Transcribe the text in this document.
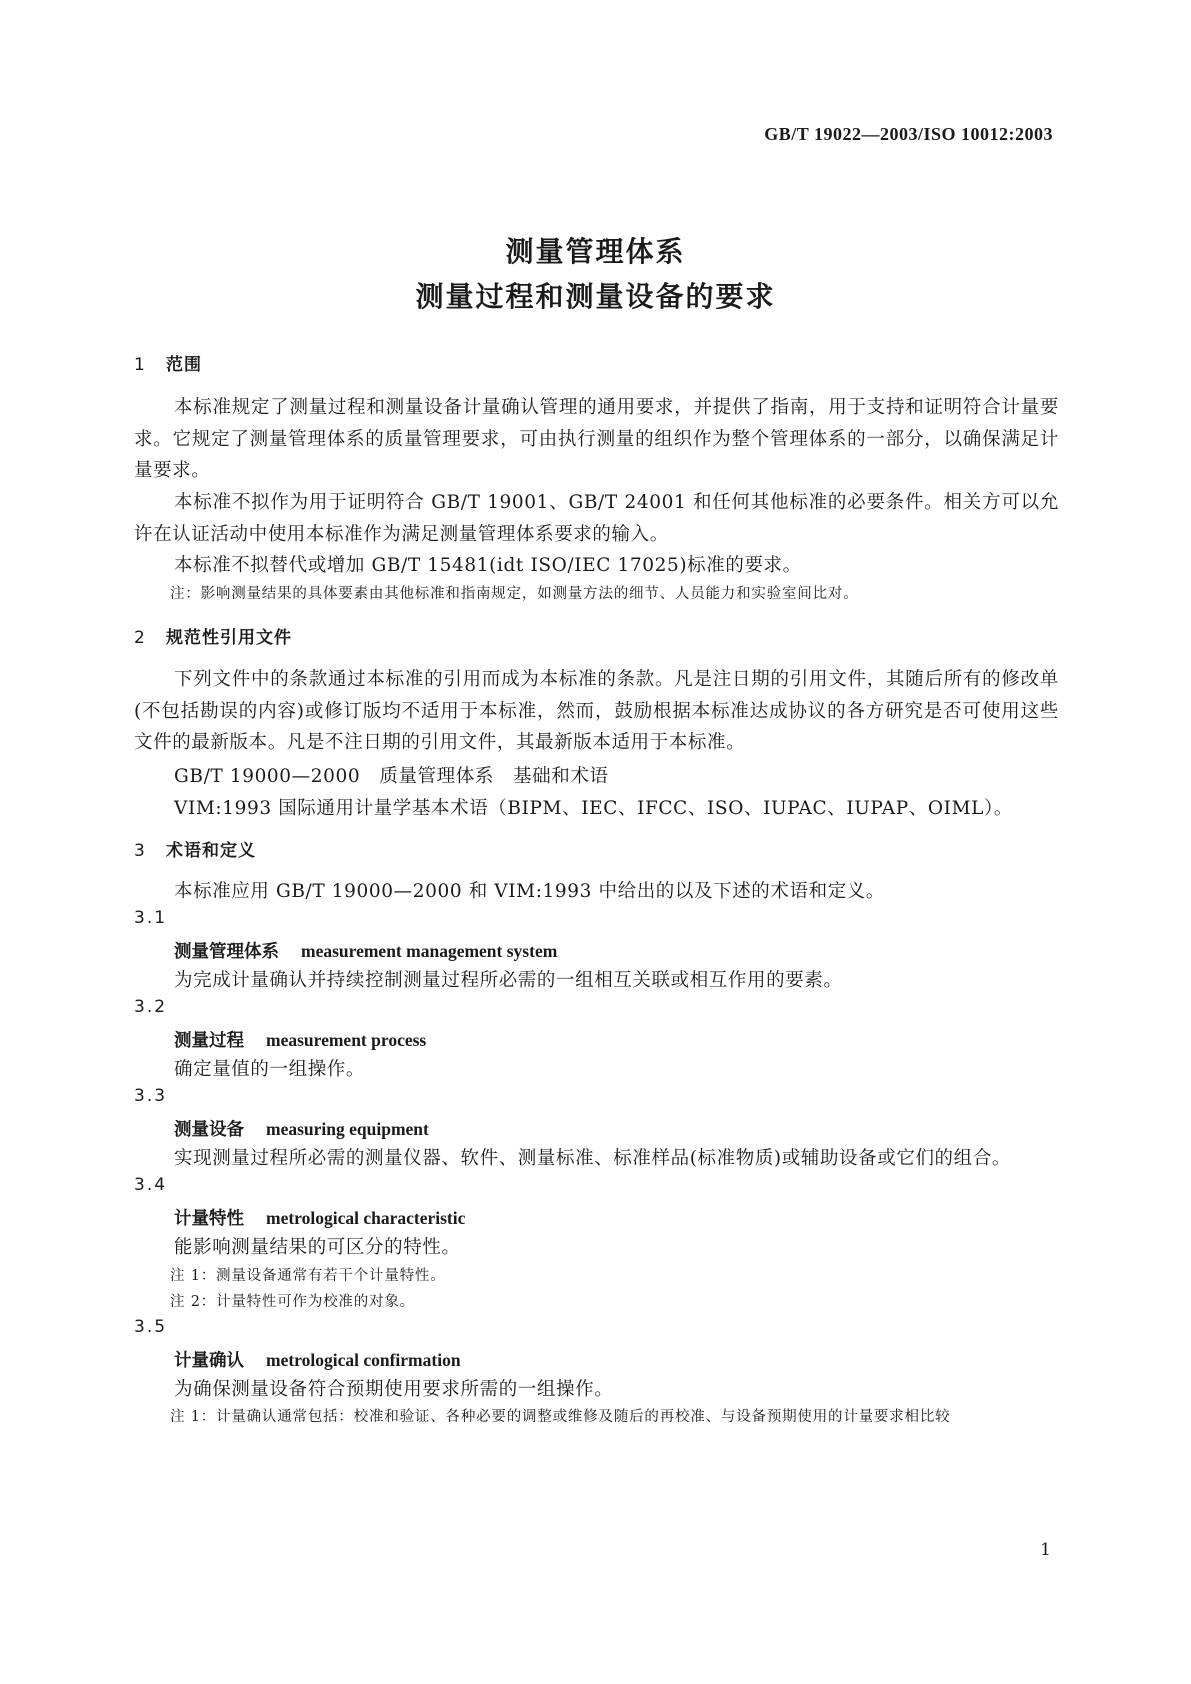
GB/T 19022—2003/ISO 10012:2003
测量管理体系
测量过程和测量设备的要求
1 范围
本标准规定了测量过程和测量设备计量确认管理的通用要求，并提供了指南，用于支持和证明符合计量要求。它规定了测量管理体系的质量管理要求，可由执行测量的组织作为整个管理体系的一部分，以确保满足计量要求。
本标准不拟作为用于证明符合 GB/T 19001、GB/T 24001 和任何其他标准的必要条件。相关方可以允许在认证活动中使用本标准作为满足测量管理体系要求的输入。
本标准不拟替代或增加 GB/T 15481(idt ISO/IEC 17025)标准的要求。
注：影响测量结果的具体要素由其他标准和指南规定，如测量方法的细节、人员能力和实验室间比对。
2 规范性引用文件
下列文件中的条款通过本标准的引用而成为本标准的条款。凡是注日期的引用文件，其随后所有的修改单(不包括勘误的内容)或修订版均不适用于本标准，然而，鼓励根据本标准达成协议的各方研究是否可使用这些文件的最新版本。凡是不注日期的引用文件，其最新版本适用于本标准。
GB/T 19000—2000　质量管理体系　基础和术语
VIM:1993 国际通用计量学基本术语（BIPM、IEC、IFCC、ISO、IUPAC、IUPAP、OIML）。
3 术语和定义
本标准应用 GB/T 19000—2000 和 VIM:1993 中给出的以及下述的术语和定义。
3.1
测量管理体系 measurement management system
为完成计量确认并持续控制测量过程所必需的一组相互关联或相互作用的要素。
3.2
测量过程 measurement process
确定量值的一组操作。
3.3
测量设备 measuring equipment
实现测量过程所必需的测量仪器、软件、测量标准、标准样品(标准物质)或辅助设备或它们的组合。
3.4
计量特性 metrological characteristic
能影响测量结果的可区分的特性。
注 1：测量设备通常有若干个计量特性。
注 2：计量特性可作为校准的对象。
3.5
计量确认 metrological confirmation
为确保测量设备符合预期使用要求所需的一组操作。
注 1：计量确认通常包括：校准和验证、各种必要的调整或维修及随后的再校准、与设备预期使用的计量要求相比较
1
